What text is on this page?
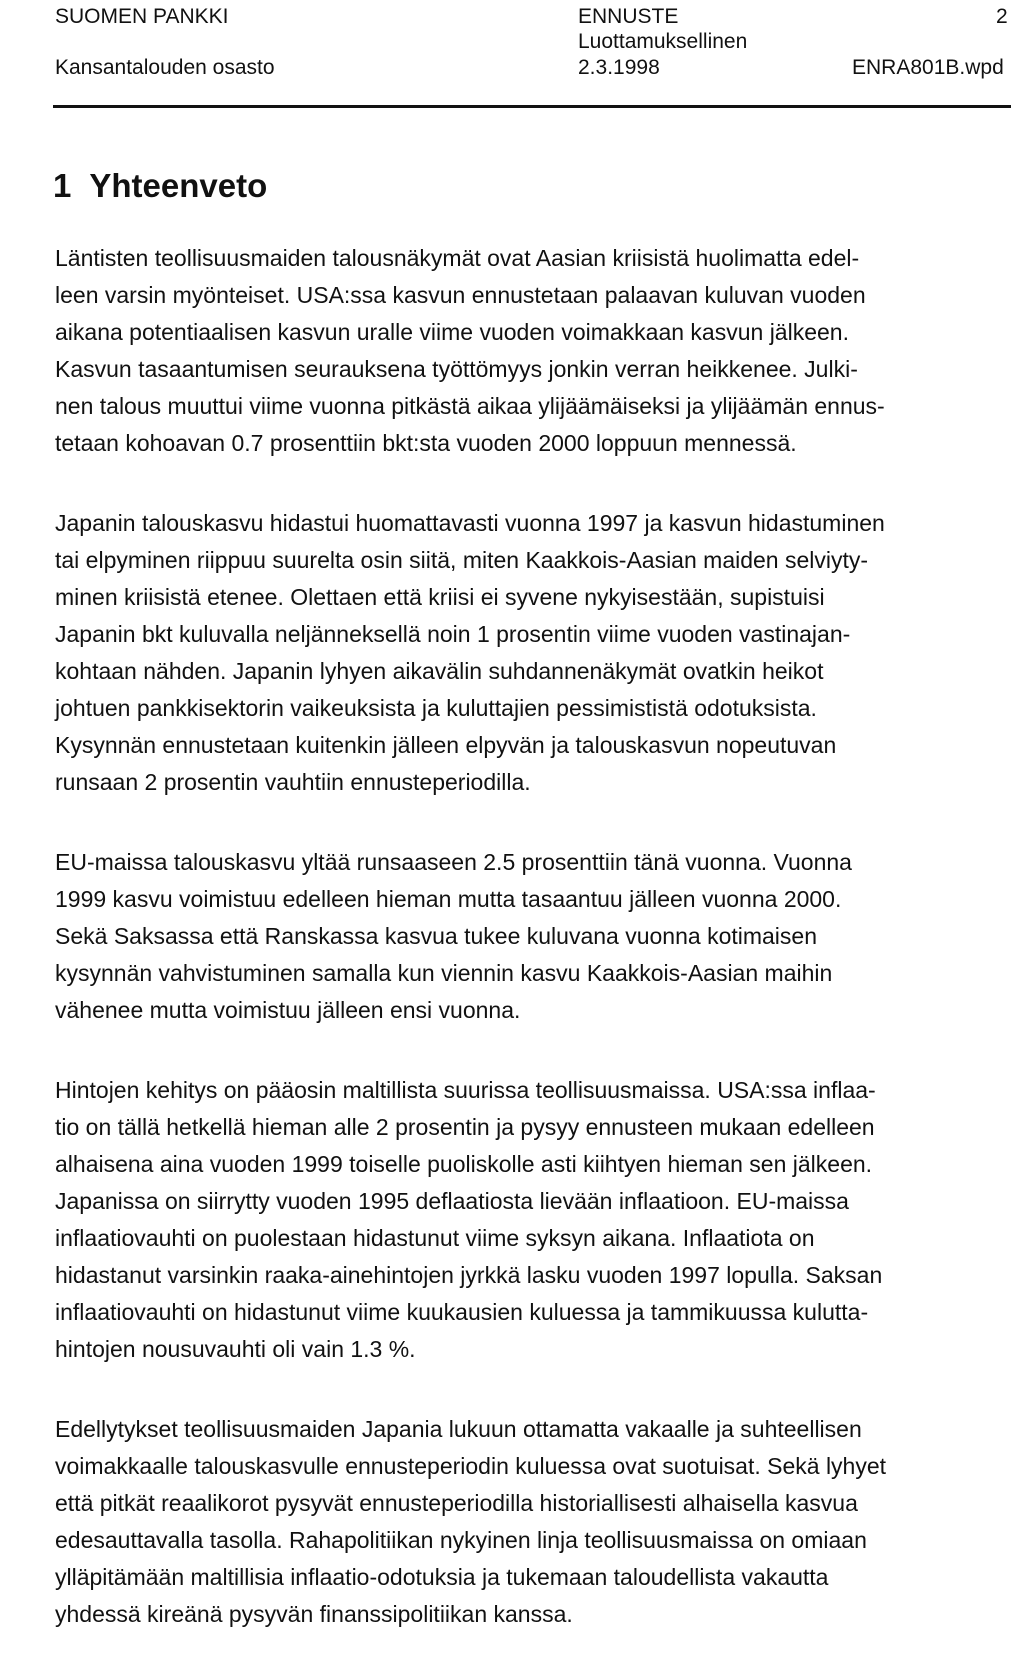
SUOMEN PANKKI
Kansantalouden osasto
ENNUSTE
Luottamuksellinen
2.3.1998
2
ENRA801B.wpd
1 Yhteenveto

Läntisten teollisuusmaiden talousnäkymät ovat Aasian kriisistä huolimatta edel-
leen varsin myönteiset. USA:ssa kasvun ennustetaan palaavan kuluvan vuoden
aikana potentiaalisen kasvun uralle viime vuoden voimakkaan kasvun jälkeen.
Kasvun tasaantumisen seurauksena työttömyys jonkin verran heikkenee. Julki-
nen talous muuttui viime vuonna pitkästä aikaa ylijäämäiseksi ja ylijäämän ennus-
tetaan kohoavan 0.7 prosenttiin bkt:sta vuoden 2000 loppuun mennessä.

Japanin talouskasvu hidastui huomattavasti vuonna 1997 ja kasvun hidastuminen
tai elpyminen riippuu suurelta osin siitä, miten Kaakkois-Aasian maiden selviyty-
minen kriisistä etenee. Olettaen että kriisi ei syvene nykyisestään, supistuisi
Japanin bkt kuluvalla neljänneksellä noin 1 prosentin viime vuoden vastinajan-
kohtaan nähden. Japanin lyhyen aikavälin suhdannenäkymät ovatkin heikot
johtuen pankkisektorin vaikeuksista ja kuluttajien pessimististä odotuksista.
Kysynnän ennustetaan kuitenkin jälleen elpyvän ja talouskasvun nopeutuvan
runsaan 2 prosentin vauhtiin ennusteperiodilla.

EU-maissa talouskasvu yltää runsaaseen 2.5 prosenttiin tänä vuonna. Vuonna
1999 kasvu voimistuu edelleen hieman mutta tasaantuu jälleen vuonna 2000.
Sekä Saksassa että Ranskassa kasvua tukee kuluvana vuonna kotimaisen
kysynnän vahvistuminen samalla kun viennin kasvu Kaakkois-Aasian maihin
vähenee mutta voimistuu jälleen ensi vuonna.

Hintojen kehitys on pääosin maltillista suurissa teollisuusmaissa. USA:ssa inflaa-
tio on tällä hetkellä hieman alle 2 prosentin ja pysyy ennusteen mukaan edelleen
alhaisena aina vuoden 1999 toiselle puoliskolle asti kiihtyen hieman sen jälkeen.
Japanissa on siirrytty vuoden 1995 deflaatiosta lievään inflaatioon. EU-maissa
inflaatiovauhti on puolestaan hidastunut viime syksyn aikana. Inflaatiota on
hidastanut varsinkin raaka-ainehintojen jyrkkä lasku vuoden 1997 lopulla. Saksan
inflaatiovauhti on hidastunut viime kuukausien kuluessa ja tammikuussa kulutta-
hintojen nousuvauhti oli vain 1.3 %.

Edellytykset teollisuusmaiden Japania lukuun ottamatta vakaalle ja suhteellisen
voimakkaalle talouskasvulle ennusteperiodin kuluessa ovat suotuisat. Sekä lyhyet
että pitkät reaalikorot pysyvät ennusteperiodilla historiallisesti alhaisella kasvua
edesauttavalla tasolla. Rahapolitiikan nykyinen linja teollisuusmaissa on omiaan
ylläpitämään maltillisia inflaatio-odotuksia ja tukemaan taloudellista vakautta
yhdessä kireänä pysyvän finanssipolitiikan kanssa.
